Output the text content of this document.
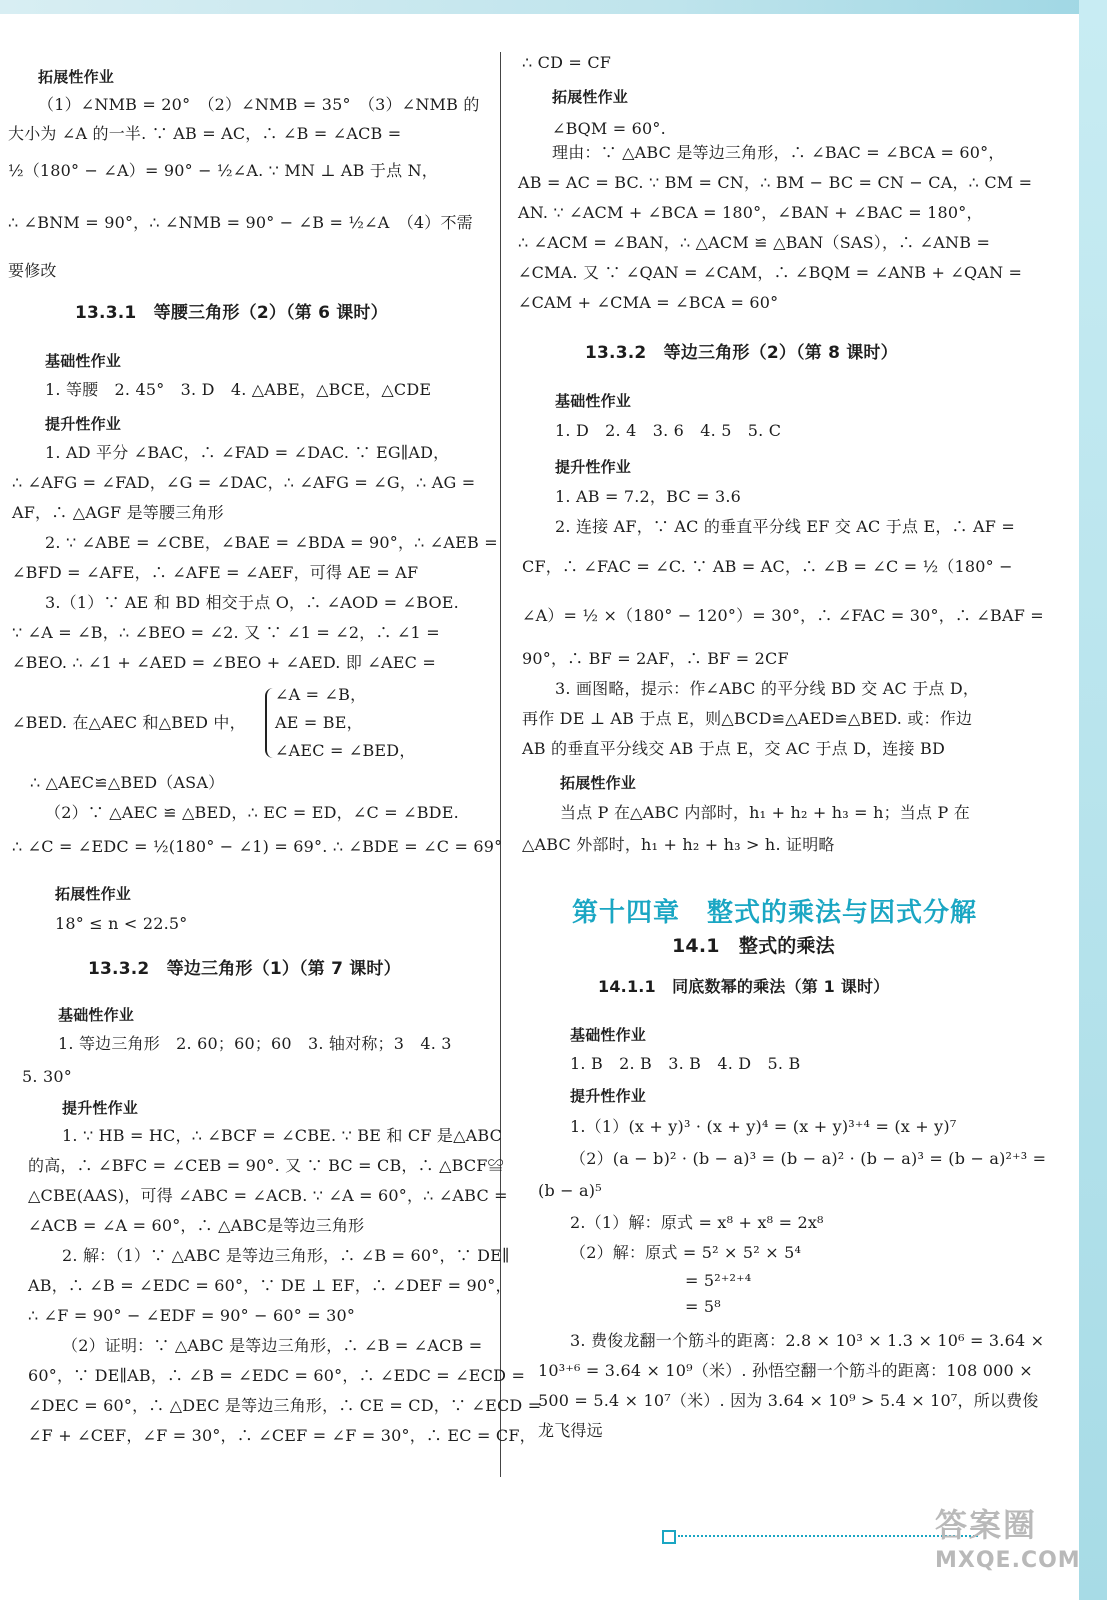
拓展性作业
（1）∠NMB = 20°　（2）∠NMB = 35°　（3）∠NMB 的
大小为 ∠A 的一半. ∵ AB = AC，∴ ∠B = ∠ACB =
½（180° − ∠A）= 90° − ½∠A. ∵ MN ⊥ AB 于点 N，
∴ ∠BNM = 90°，∴ ∠NMB = 90° − ∠B = ½∠A　（4）不需
要修改
13.3.1　等腰三角形（2）（第 6 课时）
基础性作业
1. 等腰　2. 45°　3. D　4. △ABE，△BCE，△CDE
提升性作业
1. AD 平分 ∠BAC，∴ ∠FAD = ∠DAC. ∵ EG∥AD，
∴ ∠AFG = ∠FAD，∠G = ∠DAC，∴ ∠AFG = ∠G，∴ AG =
AF，∴ △AGF 是等腰三角形
2. ∵ ∠ABE = ∠CBE，∠BAE = ∠BDA = 90°，∴ ∠AEB =
∠BFD = ∠AFE，∴ ∠AFE = ∠AEF，可得 AE = AF
3.（1）∵ AE 和 BD 相交于点 O，∴ ∠AOD = ∠BOE.
∵ ∠A = ∠B，∴ ∠BEO = ∠2. 又 ∵ ∠1 = ∠2，∴ ∠1 =
∠BEO. ∴ ∠1 + ∠AED = ∠BEO + ∠AED. 即 ∠AEC =
∠A = ∠B，
∠BED. 在△AEC 和△BED 中， AE = BE，
∠AEC = ∠BED，
∴ △AEC≌△BED（ASA）
（2）∵ △AEC ≌ △BED，∴ EC = ED，∠C = ∠BDE.
∴ ∠C = ∠EDC = ½(180° − ∠1) = 69°. ∴ ∠BDE = ∠C = 69°
拓展性作业
18° ≤ n < 22.5°
13.3.2　等边三角形（1）（第 7 课时）
基础性作业
1. 等边三角形　2. 60；60；60　3. 轴对称；3　4. 3
5. 30°
提升性作业
1. ∵ HB = HC，∴ ∠BCF = ∠CBE. ∵ BE 和 CF 是△ABC
的高，∴ ∠BFC = ∠CEB = 90°. 又 ∵ BC = CB，∴ △BCF≌
△CBE(AAS)，可得 ∠ABC = ∠ACB. ∵ ∠A = 60°，∴ ∠ABC =
∠ACB = ∠A = 60°，∴ △ABC是等边三角形
2. 解：（1）∵ △ABC 是等边三角形，∴ ∠B = 60°，∵ DE∥
AB，∴ ∠B = ∠EDC = 60°，∵ DE ⊥ EF，∴ ∠DEF = 90°，
∴ ∠F = 90° − ∠EDF = 90° − 60° = 30°
（2）证明：∵ △ABC 是等边三角形，∴ ∠B = ∠ACB =
60°，∵ DE∥AB，∴ ∠B = ∠EDC = 60°，∴ ∠EDC = ∠ECD =
∠DEC = 60°，∴ △DEC 是等边三角形，∴ CE = CD，∵ ∠ECD =
∠F + ∠CEF，∠F = 30°，∴ ∠CEF = ∠F = 30°，∴ EC = CF，
∴ CD = CF
拓展性作业
∠BQM = 60°.
理由：∵ △ABC 是等边三角形，∴ ∠BAC = ∠BCA = 60°，
AB = AC = BC. ∵ BM = CN，∴ BM − BC = CN − CA，∴ CM =
AN. ∵ ∠ACM + ∠BCA = 180°，∠BAN + ∠BAC = 180°，
∴ ∠ACM = ∠BAN，∴ △ACM ≌ △BAN（SAS），∴ ∠ANB =
∠CMA. 又 ∵ ∠QAN = ∠CAM，∴ ∠BQM = ∠ANB + ∠QAN =
∠CAM + ∠CMA = ∠BCA = 60°
13.3.2　等边三角形（2）（第 8 课时）
基础性作业
1. D　2. 4　3. 6　4. 5　5. C
提升性作业
1. AB = 7.2，BC = 3.6
2. 连接 AF，∵ AC 的垂直平分线 EF 交 AC 于点 E，∴ AF =
CF，∴ ∠FAC = ∠C. ∵ AB = AC，∴ ∠B = ∠C = ½（180° −
∠A）= ½ ×（180° − 120°）= 30°，∴ ∠FAC = 30°，∴ ∠BAF =
90°，∴ BF = 2AF，∴ BF = 2CF
3. 画图略，提示：作∠ABC 的平分线 BD 交 AC 于点 D，
再作 DE ⊥ AB 于点 E，则△BCD≌△AED≌△BED. 或：作边
AB 的垂直平分线交 AB 于点 E，交 AC 于点 D，连接 BD
拓展性作业
当点 P 在△ABC 内部时，h₁ + h₂ + h₃ = h；当点 P 在
△ABC 外部时，h₁ + h₂ + h₃ > h. 证明略
14.1　整式的乘法
14.1.1　同底数幂的乘法（第 1 课时）
基础性作业
1. B　2. B　3. B　4. D　5. B
提升性作业
1.（1）(x + y)³ · (x + y)⁴ = (x + y)³⁺⁴ = (x + y)⁷
（2）(a − b)² · (b − a)³ = (b − a)² · (b − a)³ = (b − a)²⁺³ =
(b − a)⁵
2.（1）解：原式 = x⁸ + x⁸ = 2x⁸
（2）解：原式 = 5² × 5² × 5⁴
= 5²⁺²⁺⁴
= 5⁸
3. 费俊龙翻一个筋斗的距离：2.8 × 10³ × 1.3 × 10⁶ = 3.64 ×
10³⁺⁶ = 3.64 × 10⁹（米）. 孙悟空翻一个筋斗的距离：108 000 ×
500 = 5.4 × 10⁷（米）. 因为 3.64 × 10⁹ > 5.4 × 10⁷，所以费俊
龙飞得远
第十四章　整式的乘法与因式分解
答案圈
MXQE.COM
